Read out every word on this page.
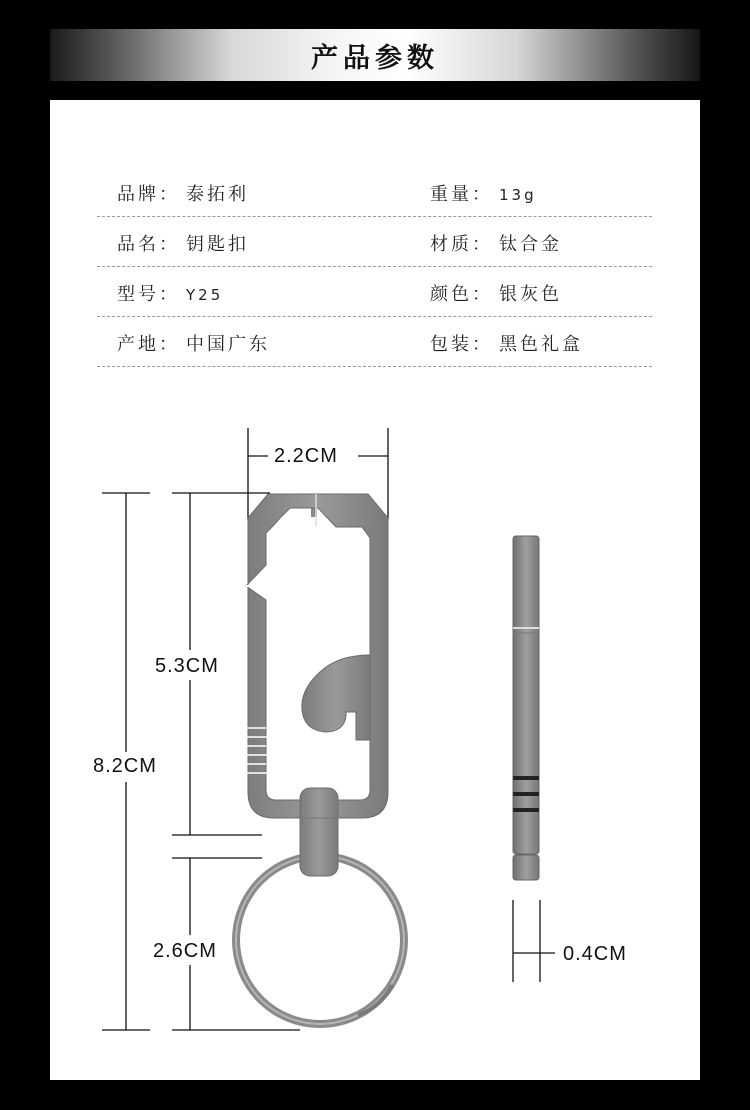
产品参数
品牌： 泰拓利	重量： 13g
品名： 钥匙扣	材质： 钛合金
型号： Y25	颜色： 银灰色
产地： 中国广东	包装： 黑色礼盒
2.2CM
5.3CM
8.2CM
2.6CM	0.4CM
